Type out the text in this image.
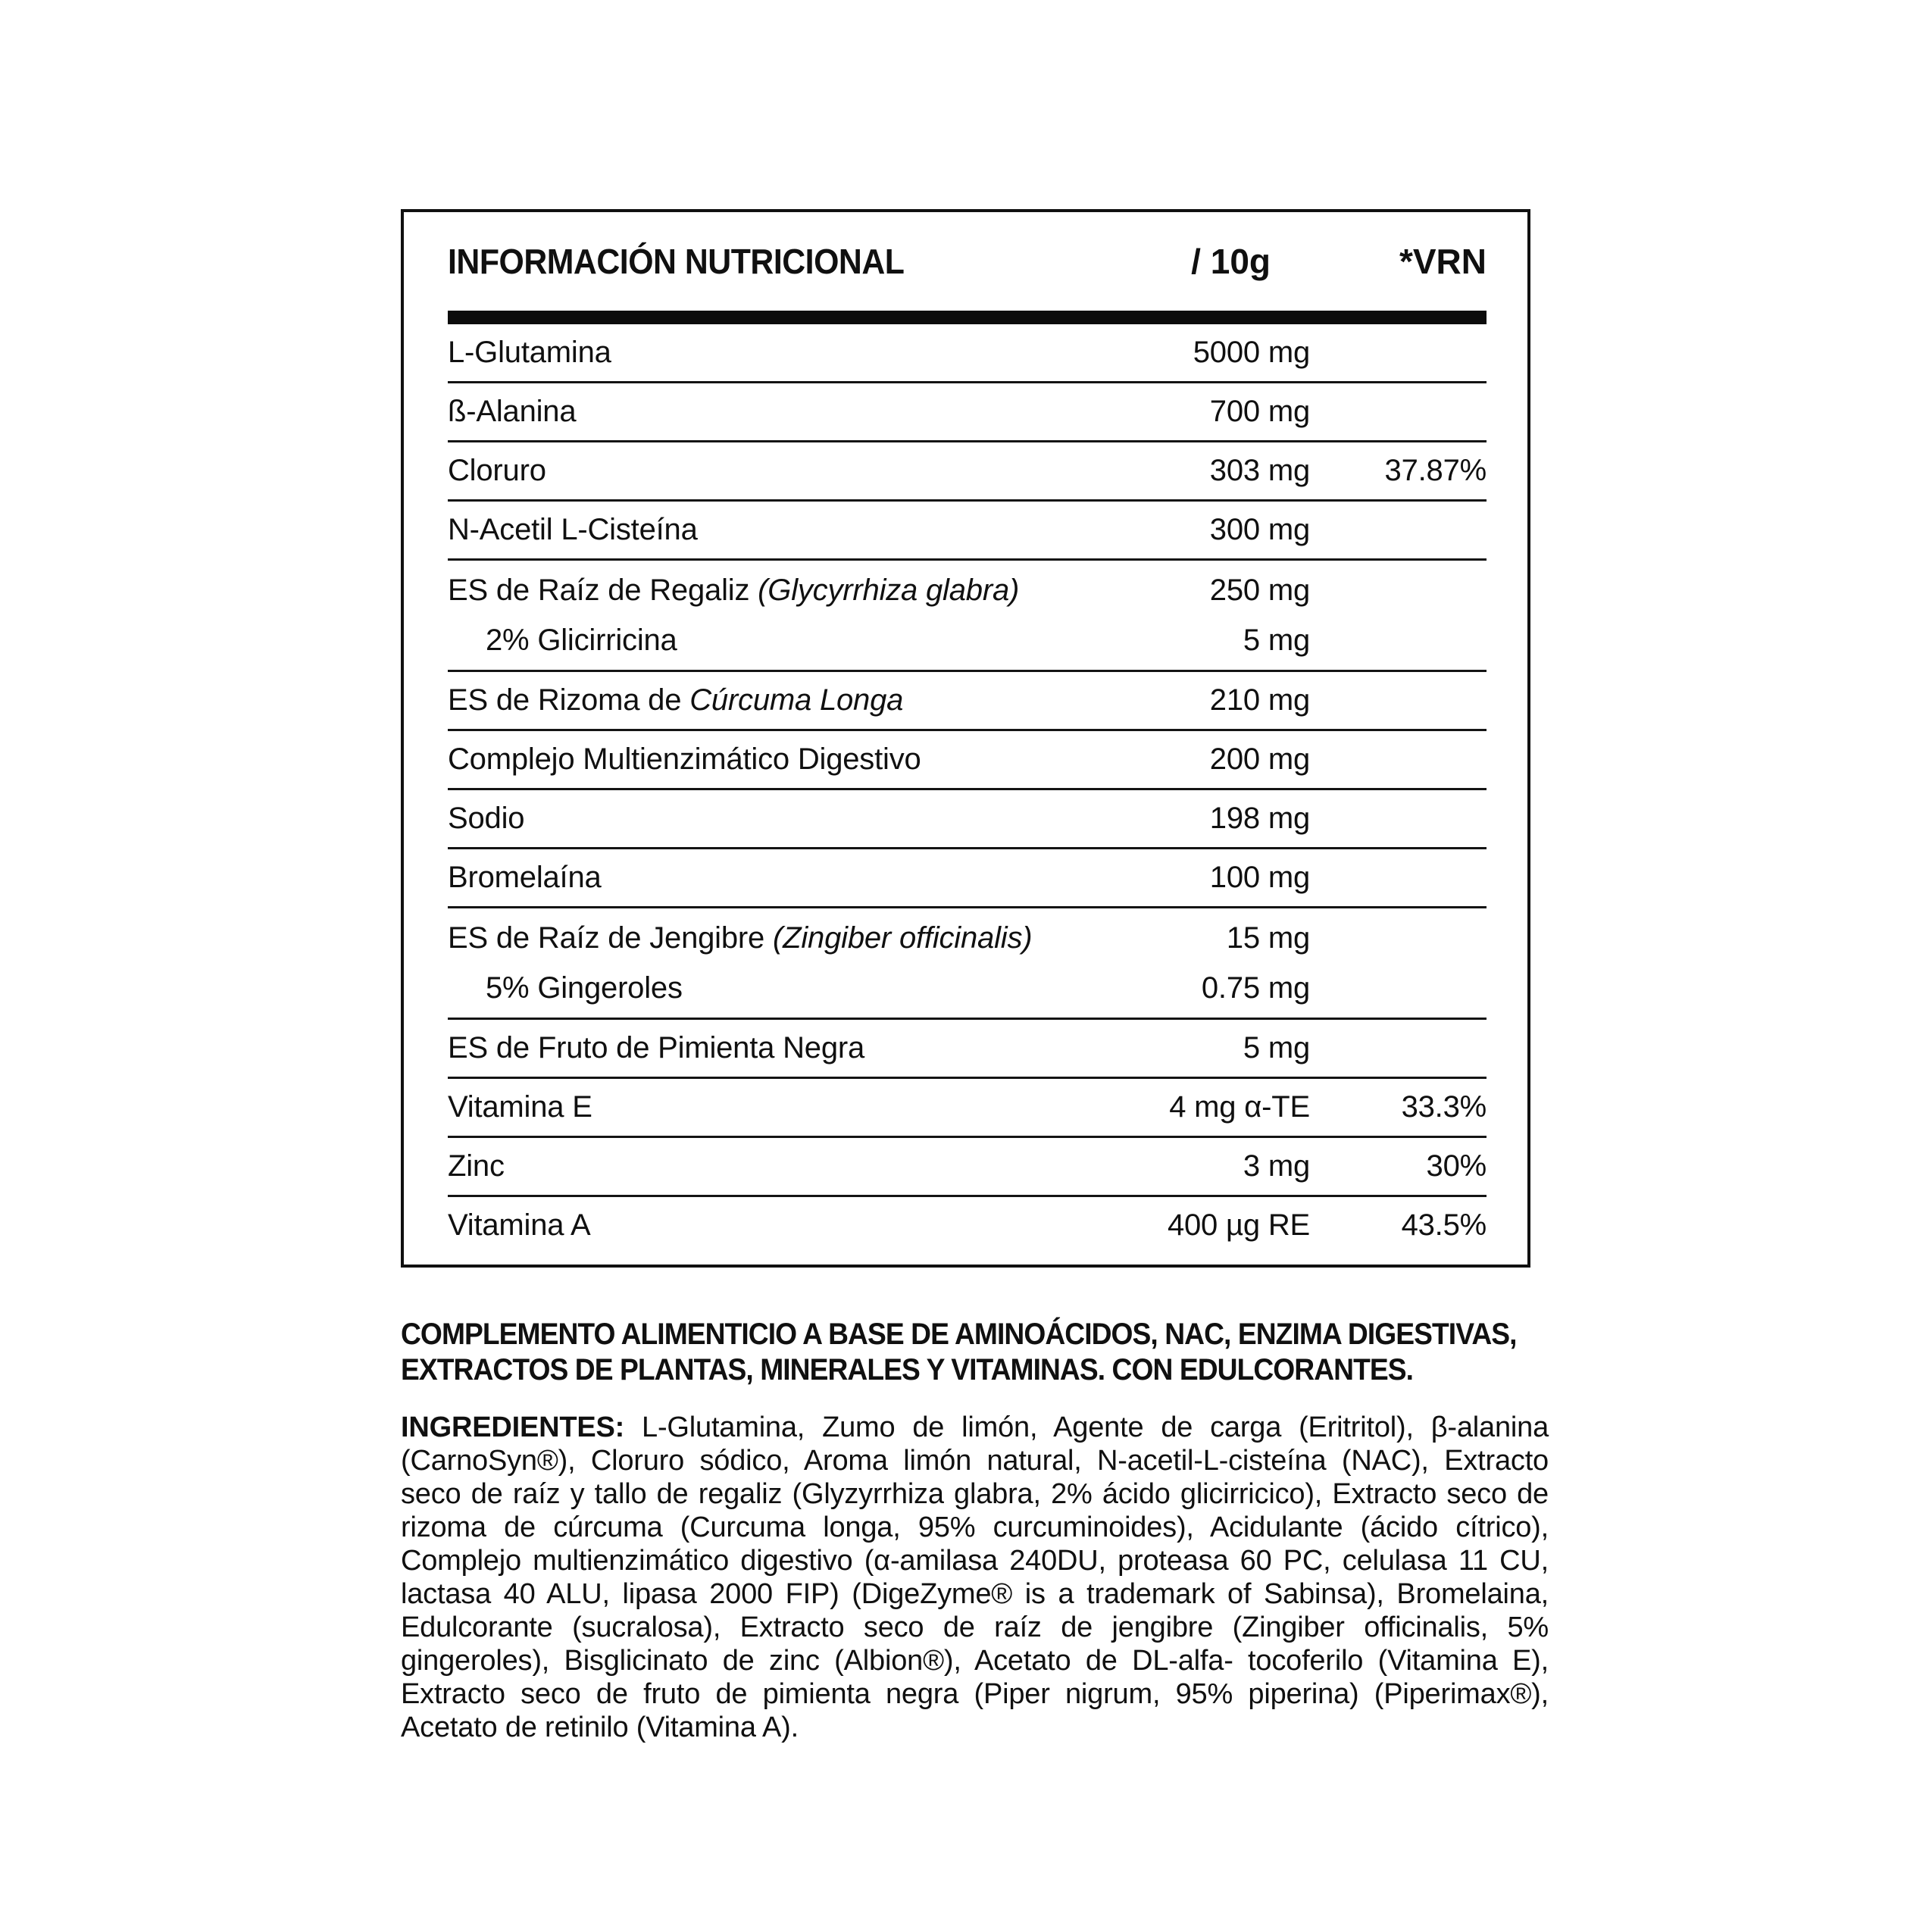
INFORMACIÓN NUTRICIONAL	/ 10g	*VRN
L-Glutamina	5000 mg
ß-Alanina	700 mg
Cloruro	303 mg	37.87%
N-Acetil L-Cisteína	300 mg
ES de Raíz de Regaliz (Glycyrrhiza glabra)	250 mg
2% Glicirricina	5 mg
ES de Rizoma de Cúrcuma Longa	210 mg
Complejo Multienzimático Digestivo	200 mg
Sodio	198 mg
Bromelaína	100 mg
ES de Raíz de Jengibre (Zingiber officinalis)	15 mg
5% Gingeroles	0.75 mg
ES de Fruto de Pimienta Negra	5 mg
Vitamina E	4 mg α-TE	33.3%
Zinc	3 mg	30%
Vitamina A	400 µg RE	43.5%
COMPLEMENTO ALIMENTICIO A BASE DE AMINOÁCIDOS, NAC, ENZIMA DIGESTIVAS,
EXTRACTOS DE PLANTAS, MINERALES Y VITAMINAS. CON EDULCORANTES.

INGREDIENTES: L-Glutamina, Zumo de limón, Agente de carga (Eritritol), β-alanina (CarnoSyn®), Cloruro sódico, Aroma limón natural, N-acetil-L-cisteína (NAC), Extracto seco de raíz y tallo de regaliz (Glyzyrrhiza glabra, 2% ácido glicirricico), Extracto seco de rizoma de cúrcuma (Curcuma longa, 95% curcuminoides), Acidulante (ácido cítrico), Complejo multienzimático digestivo (α-amilasa 240DU, proteasa 60 PC, celulasa 11 CU, lactasa 40 ALU, lipasa 2000 FIP) (DigeZyme® is a trademark of Sabinsa), Bromelaina, Edulcorante (sucralosa), Extracto seco de raíz de jengibre (Zingiber officinalis, 5% gingeroles), Bisglicinato de zinc (Albion®), Acetato de DL-alfa- tocoferilo (Vitamina E), Extracto seco de fruto de pimienta negra (Piper nigrum, 95% piperina) (Piperimax®), Acetato de retinilo (Vitamina A).
